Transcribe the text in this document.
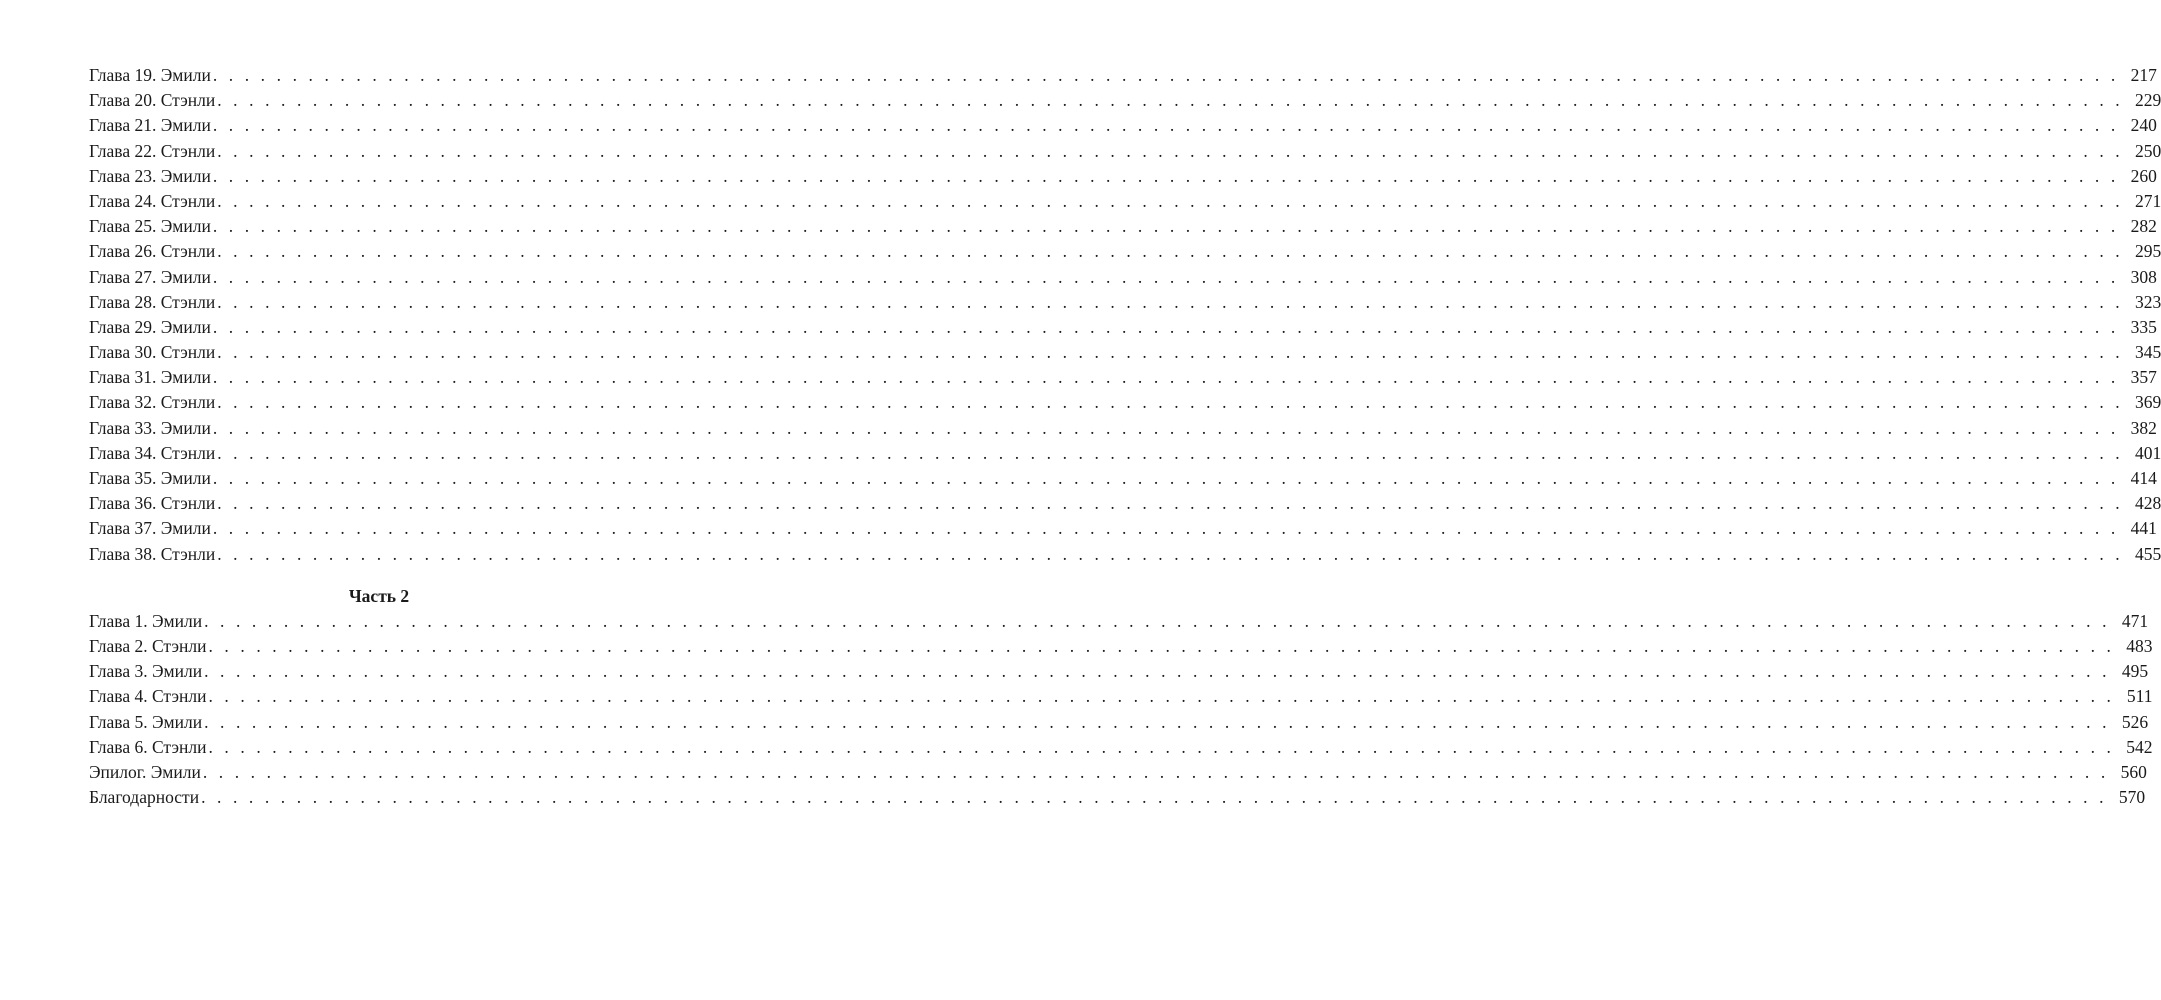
Глава 19. Эмили . . . . . . . . . . . . . . . . . . . . . . . . . . . . . . . . . . . . . . . . . . . . . . . . . . . . . . . . . . . . . . . . . . . . . . . . . . . . . . . . . . . . . . . . . . . . . . . . . . . . . . . . . . . . . . . . . . . . . . . . 217
Глава 20. Стэнли . . . . . . . . . . . . . . . . . . . . . . . . . . . . . . . . . . . . . . . . . . . . . . . . . . . . . . . . . . . . . . . . . . . . . . . . . . . . . . . . . . . . . . . . . . . . . . . . . . . . . . . . . . . . . . . . . . . . . . . . 229
Глава 21. Эмили . . . . . . . . . . . . . . . . . . . . . . . . . . . . . . . . . . . . . . . . . . . . . . . . . . . . . . . . . . . . . . . . . . . . . . . . . . . . . . . . . . . . . . . . . . . . . . . . . . . . . . . . . . . . . . . . . . . . . . . . 240
Глава 22. Стэнли . . . . . . . . . . . . . . . . . . . . . . . . . . . . . . . . . . . . . . . . . . . . . . . . . . . . . . . . . . . . . . . . . . . . . . . . . . . . . . . . . . . . . . . . . . . . . . . . . . . . . . . . . . . . . . . . . . . . . . . . 250
Глава 23. Эмили . . . . . . . . . . . . . . . . . . . . . . . . . . . . . . . . . . . . . . . . . . . . . . . . . . . . . . . . . . . . . . . . . . . . . . . . . . . . . . . . . . . . . . . . . . . . . . . . . . . . . . . . . . . . . . . . . . . . . . . . 260
Глава 24. Стэнли . . . . . . . . . . . . . . . . . . . . . . . . . . . . . . . . . . . . . . . . . . . . . . . . . . . . . . . . . . . . . . . . . . . . . . . . . . . . . . . . . . . . . . . . . . . . . . . . . . . . . . . . . . . . . . . . . . . . . . . . 271
Глава 25. Эмили . . . . . . . . . . . . . . . . . . . . . . . . . . . . . . . . . . . . . . . . . . . . . . . . . . . . . . . . . . . . . . . . . . . . . . . . . . . . . . . . . . . . . . . . . . . . . . . . . . . . . . . . . . . . . . . . . . . . . . . . 282
Глава 26. Стэнли . . . . . . . . . . . . . . . . . . . . . . . . . . . . . . . . . . . . . . . . . . . . . . . . . . . . . . . . . . . . . . . . . . . . . . . . . . . . . . . . . . . . . . . . . . . . . . . . . . . . . . . . . . . . . . . . . . . . . . . . 295
Глава 27. Эмили . . . . . . . . . . . . . . . . . . . . . . . . . . . . . . . . . . . . . . . . . . . . . . . . . . . . . . . . . . . . . . . . . . . . . . . . . . . . . . . . . . . . . . . . . . . . . . . . . . . . . . . . . . . . . . . . . . . . . . . . 308
Глава 28. Стэнли . . . . . . . . . . . . . . . . . . . . . . . . . . . . . . . . . . . . . . . . . . . . . . . . . . . . . . . . . . . . . . . . . . . . . . . . . . . . . . . . . . . . . . . . . . . . . . . . . . . . . . . . . . . . . . . . . . . . . . . . 323
Глава 29. Эмили . . . . . . . . . . . . . . . . . . . . . . . . . . . . . . . . . . . . . . . . . . . . . . . . . . . . . . . . . . . . . . . . . . . . . . . . . . . . . . . . . . . . . . . . . . . . . . . . . . . . . . . . . . . . . . . . . . . . . . . . 335
Глава 30. Стэнли . . . . . . . . . . . . . . . . . . . . . . . . . . . . . . . . . . . . . . . . . . . . . . . . . . . . . . . . . . . . . . . . . . . . . . . . . . . . . . . . . . . . . . . . . . . . . . . . . . . . . . . . . . . . . . . . . . . . . . . . 345
Глава 31. Эмили . . . . . . . . . . . . . . . . . . . . . . . . . . . . . . . . . . . . . . . . . . . . . . . . . . . . . . . . . . . . . . . . . . . . . . . . . . . . . . . . . . . . . . . . . . . . . . . . . . . . . . . . . . . . . . . . . . . . . . . . 357
Глава 32. Стэнли . . . . . . . . . . . . . . . . . . . . . . . . . . . . . . . . . . . . . . . . . . . . . . . . . . . . . . . . . . . . . . . . . . . . . . . . . . . . . . . . . . . . . . . . . . . . . . . . . . . . . . . . . . . . . . . . . . . . . . . . 369
Глава 33. Эмили . . . . . . . . . . . . . . . . . . . . . . . . . . . . . . . . . . . . . . . . . . . . . . . . . . . . . . . . . . . . . . . . . . . . . . . . . . . . . . . . . . . . . . . . . . . . . . . . . . . . . . . . . . . . . . . . . . . . . . . . 382
Глава 34. Стэнли . . . . . . . . . . . . . . . . . . . . . . . . . . . . . . . . . . . . . . . . . . . . . . . . . . . . . . . . . . . . . . . . . . . . . . . . . . . . . . . . . . . . . . . . . . . . . . . . . . . . . . . . . . . . . . . . . . . . . . . . 401
Глава 35. Эмили . . . . . . . . . . . . . . . . . . . . . . . . . . . . . . . . . . . . . . . . . . . . . . . . . . . . . . . . . . . . . . . . . . . . . . . . . . . . . . . . . . . . . . . . . . . . . . . . . . . . . . . . . . . . . . . . . . . . . . . . 414
Глава 36. Стэнли . . . . . . . . . . . . . . . . . . . . . . . . . . . . . . . . . . . . . . . . . . . . . . . . . . . . . . . . . . . . . . . . . . . . . . . . . . . . . . . . . . . . . . . . . . . . . . . . . . . . . . . . . . . . . . . . . . . . . . . . 428
Глава 37. Эмили . . . . . . . . . . . . . . . . . . . . . . . . . . . . . . . . . . . . . . . . . . . . . . . . . . . . . . . . . . . . . . . . . . . . . . . . . . . . . . . . . . . . . . . . . . . . . . . . . . . . . . . . . . . . . . . . . . . . . . . . 441
Глава 38. Стэнли . . . . . . . . . . . . . . . . . . . . . . . . . . . . . . . . . . . . . . . . . . . . . . . . . . . . . . . . . . . . . . . . . . . . . . . . . . . . . . . . . . . . . . . . . . . . . . . . . . . . . . . . . . . . . . . . . . . . . . . . 455
Часть 2
Глава 1. Эмили . . . . . . . . . . . . . . . . . . . . . . . . . . . . . . . . . . . . . . . . . . . . . . . . . . . . . . . . . . . . . . . . . . . . . . . . . . . . . . . . . . . . . . . . . . . . . . . . . . . . . . . . . . . . . . . . . . . . . . . . 471
Глава 2. Стэнли . . . . . . . . . . . . . . . . . . . . . . . . . . . . . . . . . . . . . . . . . . . . . . . . . . . . . . . . . . . . . . . . . . . . . . . . . . . . . . . . . . . . . . . . . . . . . . . . . . . . . . . . . . . . . . . . . . . . . . . . 483
Глава 3. Эмили . . . . . . . . . . . . . . . . . . . . . . . . . . . . . . . . . . . . . . . . . . . . . . . . . . . . . . . . . . . . . . . . . . . . . . . . . . . . . . . . . . . . . . . . . . . . . . . . . . . . . . . . . . . . . . . . . . . . . . . . 495
Глава 4. Стэнли . . . . . . . . . . . . . . . . . . . . . . . . . . . . . . . . . . . . . . . . . . . . . . . . . . . . . . . . . . . . . . . . . . . . . . . . . . . . . . . . . . . . . . . . . . . . . . . . . . . . . . . . . . . . . . . . . . . . . . . . 511
Глава 5. Эмили . . . . . . . . . . . . . . . . . . . . . . . . . . . . . . . . . . . . . . . . . . . . . . . . . . . . . . . . . . . . . . . . . . . . . . . . . . . . . . . . . . . . . . . . . . . . . . . . . . . . . . . . . . . . . . . . . . . . . . . . 526
Глава 6. Стэнли . . . . . . . . . . . . . . . . . . . . . . . . . . . . . . . . . . . . . . . . . . . . . . . . . . . . . . . . . . . . . . . . . . . . . . . . . . . . . . . . . . . . . . . . . . . . . . . . . . . . . . . . . . . . . . . . . . . . . . . . 542
Эпилог. Эмили . . . . . . . . . . . . . . . . . . . . . . . . . . . . . . . . . . . . . . . . . . . . . . . . . . . . . . . . . . . . . . . . . . . . . . . . . . . . . . . . . . . . . . . . . . . . . . . . . . . . . . . . . . . . . . . . . . . . . . . . 560
Благодарности . . . . . . . . . . . . . . . . . . . . . . . . . . . . . . . . . . . . . . . . . . . . . . . . . . . . . . . . . . . . . . . . . . . . . . . . . . . . . . . . . . . . . . . . . . . . . . . . . . . . . . . . . . . . . . . . . . . . . . . . 570
